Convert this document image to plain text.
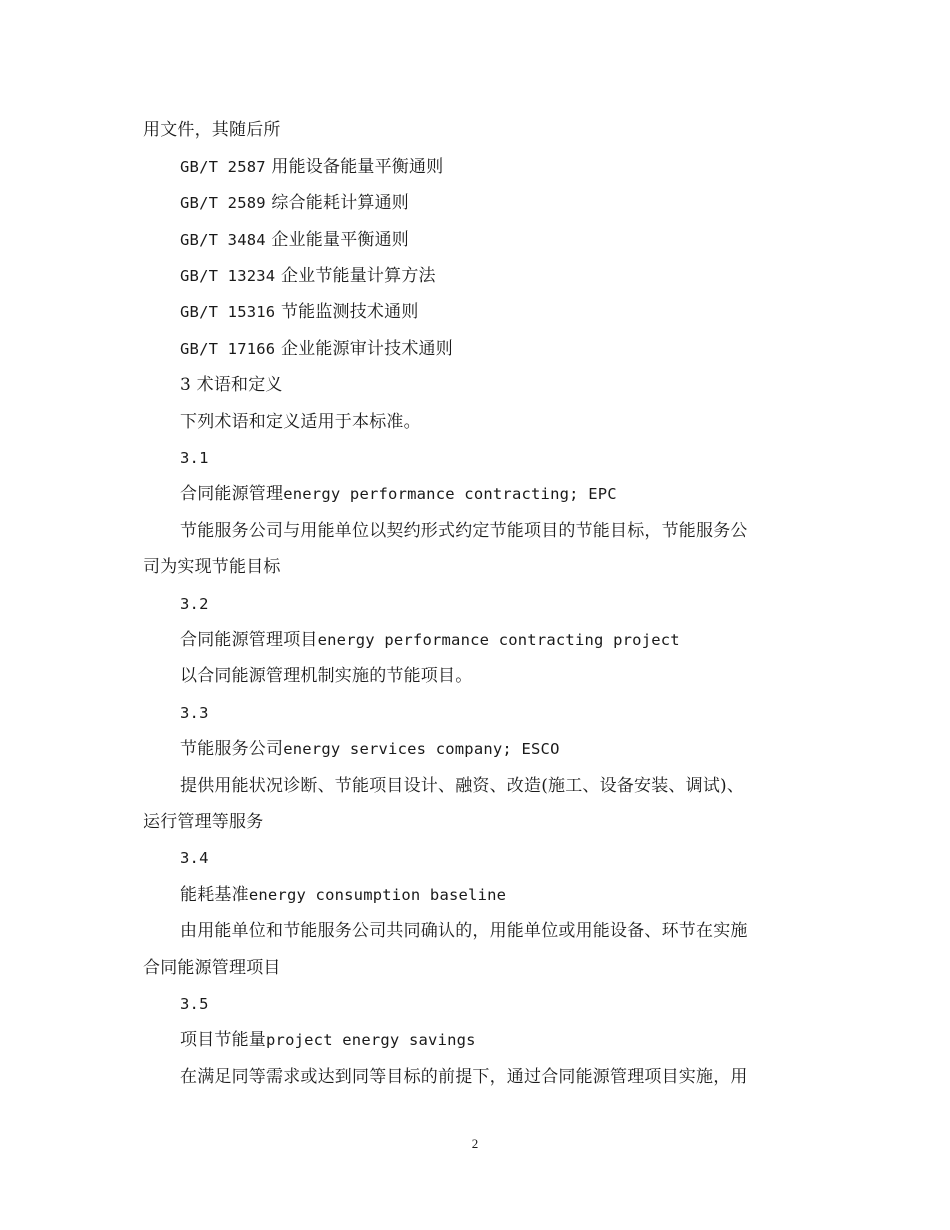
用文件，其随后所
GB/T 2587 用能设备能量平衡通则
GB/T 2589 综合能耗计算通则
GB/T 3484 企业能量平衡通则
GB/T 13234 企业节能量计算方法
GB/T 15316 节能监测技术通则
GB/T 17166 企业能源审计技术通则
3 术语和定义
下列术语和定义适用于本标准。
3.1
合同能源管理energy performance contracting; EPC
节能服务公司与用能单位以契约形式约定节能项目的节能目标，节能服务公
司为实现节能目标
3.2
合同能源管理项目energy performance contracting project
以合同能源管理机制实施的节能项目。
3.3
节能服务公司energy services company; ESCO
提供用能状况诊断、节能项目设计、融资、改造(施工、设备安装、调试)、
运行管理等服务
3.4
能耗基准energy consumption baseline
由用能单位和节能服务公司共同确认的，用能单位或用能设备、环节在实施
合同能源管理项目
3.5
项目节能量project energy savings
在满足同等需求或达到同等目标的前提下，通过合同能源管理项目实施，用
2
